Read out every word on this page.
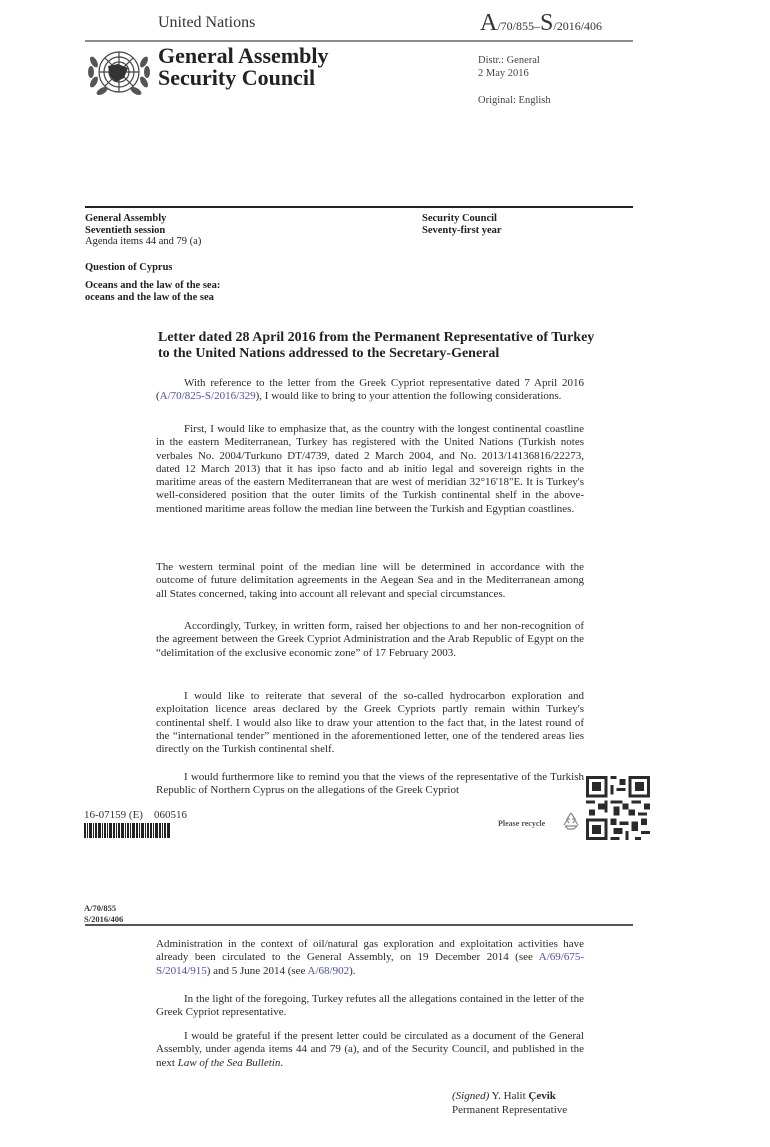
United Nations	A/70/855–S/2016/406
General Assembly
Security Council
Distr.: General
2 May 2016
Original: English
General Assembly
Seventieth session
Agenda items 44 and 79 (a)
Security Council
Seventy-first year
Question of Cyprus
Oceans and the law of the sea:
oceans and the law of the sea
Letter dated 28 April 2016 from the Permanent Representative of Turkey to the United Nations addressed to the Secretary-General
With reference to the letter from the Greek Cypriot representative dated 7 April 2016 (A/70/825-S/2016/329), I would like to bring to your attention the following considerations.
First, I would like to emphasize that, as the country with the longest continental coastline in the eastern Mediterranean, Turkey has registered with the United Nations (Turkish notes verbales No. 2004/Turkuno DT/4739, dated 2 March 2004, and No. 2013/14136816/22273, dated 12 March 2013) that it has ipso facto and ab initio legal and sovereign rights in the maritime areas of the eastern Mediterranean that are west of meridian 32°16'18"E. It is Turkey's well-considered position that the outer limits of the Turkish continental shelf in the above-mentioned maritime areas follow the median line between the Turkish and Egyptian coastlines.
The western terminal point of the median line will be determined in accordance with the outcome of future delimitation agreements in the Aegean Sea and in the Mediterranean among all States concerned, taking into account all relevant and special circumstances.
Accordingly, Turkey, in written form, raised her objections to and her non-recognition of the agreement between the Greek Cypriot Administration and the Arab Republic of Egypt on the “delimitation of the exclusive economic zone” of 17 February 2003.
I would like to reiterate that several of the so-called hydrocarbon exploration and exploitation licence areas declared by the Greek Cypriots partly remain within Turkey's continental shelf. I would also like to draw your attention to the fact that, in the latest round of the “international tender” mentioned in the aforementioned letter, one of the tendered areas lies directly on the Turkish continental shelf.
I would furthermore like to remind you that the views of the representative of the Turkish Republic of Northern Cyprus on the allegations of the Greek Cypriot
16-07159 (E)    060516
Please recycle
A/70/855
S/2016/406
Administration in the context of oil/natural gas exploration and exploitation activities have already been circulated to the General Assembly, on 19 December 2014 (see A/69/675-S/2014/915) and 5 June 2014 (see A/68/902).
In the light of the foregoing, Turkey refutes all the allegations contained in the letter of the Greek Cypriot representative.
I would be grateful if the present letter could be circulated as a document of the General Assembly, under agenda items 44 and 79 (a), and of the Security Council, and published in the next Law of the Sea Bulletin.
(Signed) Y. Halit Çevik
Permanent Representative
